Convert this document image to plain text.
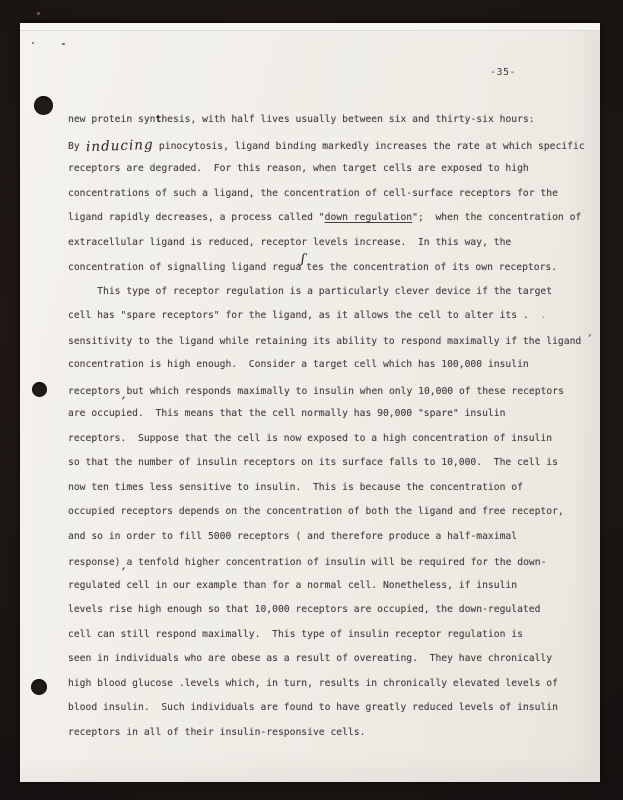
-35-
new protein synthesis, with half lives usually between six and thirty-six hours. ·
By inducing pinocytosis, ligand binding markedly increases the rate at which specific
receptors are degraded.  For this reason, when target cells are exposed to high
concentrations of such a ligand, the concentration of cell-surface receptors for the
ligand rapidly decreases, a process called "down regulation";  when the concentration of
extracellular ligand is reduced, receptor levels increase.  In this way, the
concentration of signalling ligand reguaʃtes the concentration of its own receptors.
This type of receptor regulation is a particularly clever device if the target
cell has "spare receptors" for the ligand, as it allows the cell to alter its .  .
sensitivity to the ligand while retaining its ability to respond maximally if the ligand ʻ
concentration is high enough.  Consider a target cell which has 100,000 insulin
receptors,but which responds maximally to insulin when only 10,000 of these receptors
are occupied.  This means that the cell normally has 90,000 "spare" insulin
receptors.  Suppose that the cell is now exposed to a high concentration of insulin
so that the number of insulin receptors on its surface falls to 10,000.  The cell is
now ten times less sensitive to insulin.  This is because the concentration of
occupied receptors depends on the concentration of both the ligand and free receptor,
and so in order to fill 5000 receptors ( and therefore produce a half-maximal
response),a tenfold higher concentration of insulin will be required for the down-
regulated cell in our example than for a normal cell. Nonetheless, if insulin
levels rise high enough so that 10,000 receptors are occupied, the down-regulated
cell can still respond maximally.  This type of insulin receptor regulation is
seen in individuals who are obese as a result of overeating.  They have chronically
high blood glucose .levels which, in turn, results in chronically elevated levels of
blood insulin.  Such individuals are found to have greatly reduced levels of insulin
receptors in all of their insulin-responsive cells.
